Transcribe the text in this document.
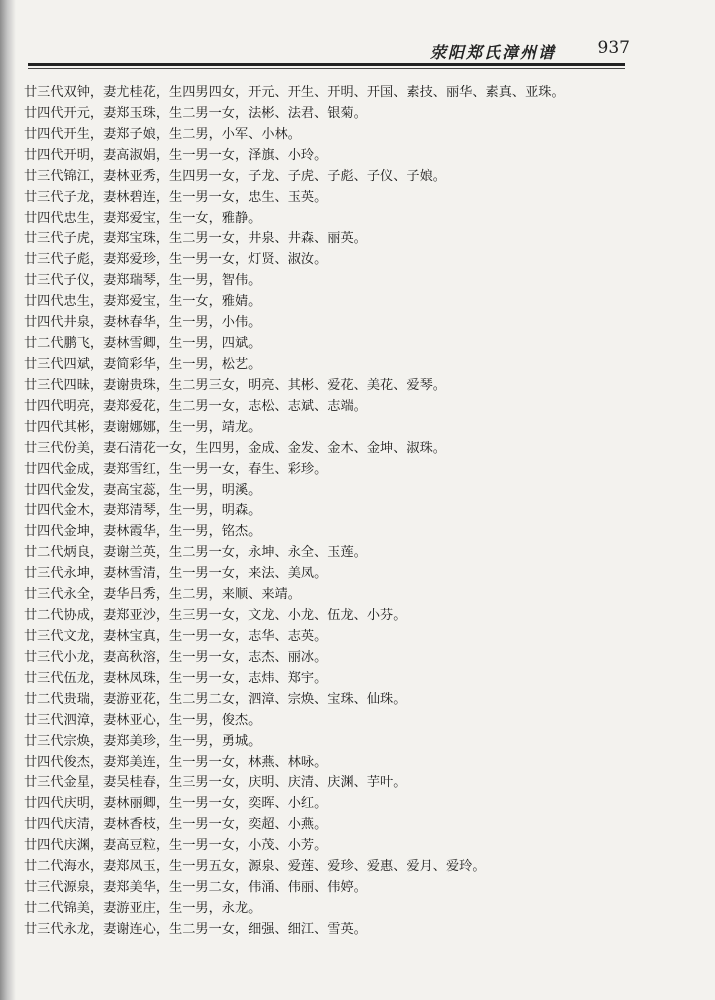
荥阳郑氏漳州谱 937
廿三代双钟，妻尤桂花，生四男四女，开元、开生、开明、开国、素技、丽华、素真、亚珠。
廿四代开元，妻郑玉珠，生二男一女，法彬、法君、银菊。
廿四代开生，妻郑子娘，生二男，小军、小林。
廿四代开明，妻高淑娟，生一男一女，泽旗、小玲。
廿三代锦江，妻林亚秀，生四男一女，子龙、子虎、子彪、子仪、子娘。
廿三代子龙，妻林碧连，生一男一女，忠生、玉英。
廿四代忠生，妻郑爱宝，生一女，雅静。
廿三代子虎，妻郑宝珠，生二男一女，井泉、井森、丽英。
廿三代子彪，妻郑爱珍，生一男一女，灯贤、淑汝。
廿三代子仪，妻郑瑞琴，生一男，智伟。
廿四代忠生，妻郑爱宝，生一女，雅婧。
廿四代井泉，妻林春华，生一男，小伟。
廿二代鹏飞，妻林雪卿，生一男，四斌。
廿三代四斌，妻简彩华，生一男，松艺。
廿三代四昧，妻谢贵珠，生二男三女，明亮、其彬、爱花、美花、爱琴。
廿四代明亮，妻郑爱花，生二男一女，志松、志斌、志端。
廿四代其彬，妻谢娜娜，生一男，靖龙。
廿三代份美，妻石清花一女，生四男，金成、金发、金木、金坤、淑珠。
廿四代金成，妻郑雪红，生一男一女，春生、彩珍。
廿四代金发，妻高宝蕊，生一男，明溪。
廿四代金木，妻郑清琴，生一男，明森。
廿四代金坤，妻林霞华，生一男，铭杰。
廿二代炳良，妻谢兰英，生二男一女，永坤、永全、玉莲。
廿三代永坤，妻林雪清，生一男一女，来法、美凤。
廿三代永全，妻华吕秀，生二男，来顺、来靖。
廿二代协成，妻郑亚沙，生三男一女，文龙、小龙、伍龙、小芬。
廿三代文龙，妻林宝真，生一男一女，志华、志英。
廿三代小龙，妻高秋溶，生一男一女，志杰、丽冰。
廿三代伍龙，妻林凤珠，生一男一女，志炜、郑宇。
廿二代贵瑞，妻游亚花，生二男二女，泗漳、宗焕、宝珠、仙珠。
廿三代泗漳，妻林亚心，生一男，俊杰。
廿三代宗焕，妻郑美珍，生一男，勇城。
廿四代俊杰，妻郑美连，生一男一女，林燕、林咏。
廿三代金星，妻吴桂春，生三男一女，庆明、庆清、庆渊、芋叶。
廿四代庆明，妻林丽卿，生一男一女，奕晖、小红。
廿四代庆清，妻林香枝，生一男一女，奕超、小燕。
廿四代庆渊，妻高豆粒，生一男一女，小茂、小芳。
廿二代海水，妻郑凤玉，生一男五女，源泉、爱莲、爱珍、爱惠、爱月、爱玲。
廿三代源泉，妻郑美华，生一男二女，伟涌、伟丽、伟婷。
廿二代锦美，妻游亚庄，生一男，永龙。
廿三代永龙，妻谢连心，生二男一女，细强、细江、雪英。
